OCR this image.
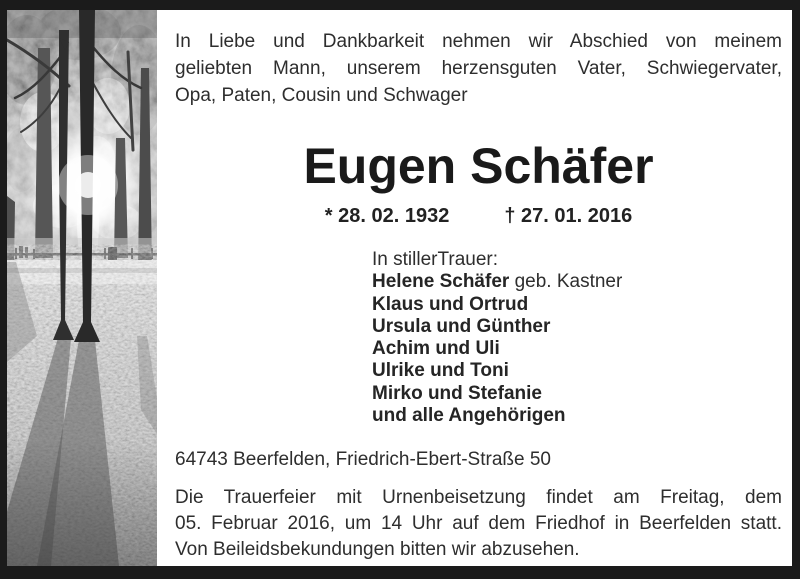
In Liebe und Dankbarkeit nehmen wir Abschied von meinem
geliebten Mann, unserem herzensguten Vater, Schwiegervater,
Opa, Paten, Cousin und Schwager
Eugen Schäfer
* 28. 02. 1932	† 27. 01. 2016
In stillerTrauer:
Helene Schäfer geb. Kastner
Klaus und Ortrud
Ursula und Günther
Achim und Uli
Ulrike und Toni
Mirko und Stefanie
und alle Angehörigen
64743 Beerfelden, Friedrich-Ebert-Straße 50
Die Trauerfeier mit Urnenbeisetzung findet am Freitag, dem
05. Februar 2016, um 14 Uhr auf dem Friedhof in Beerfelden statt.
Von Beileidsbekundungen bitten wir abzusehen.
